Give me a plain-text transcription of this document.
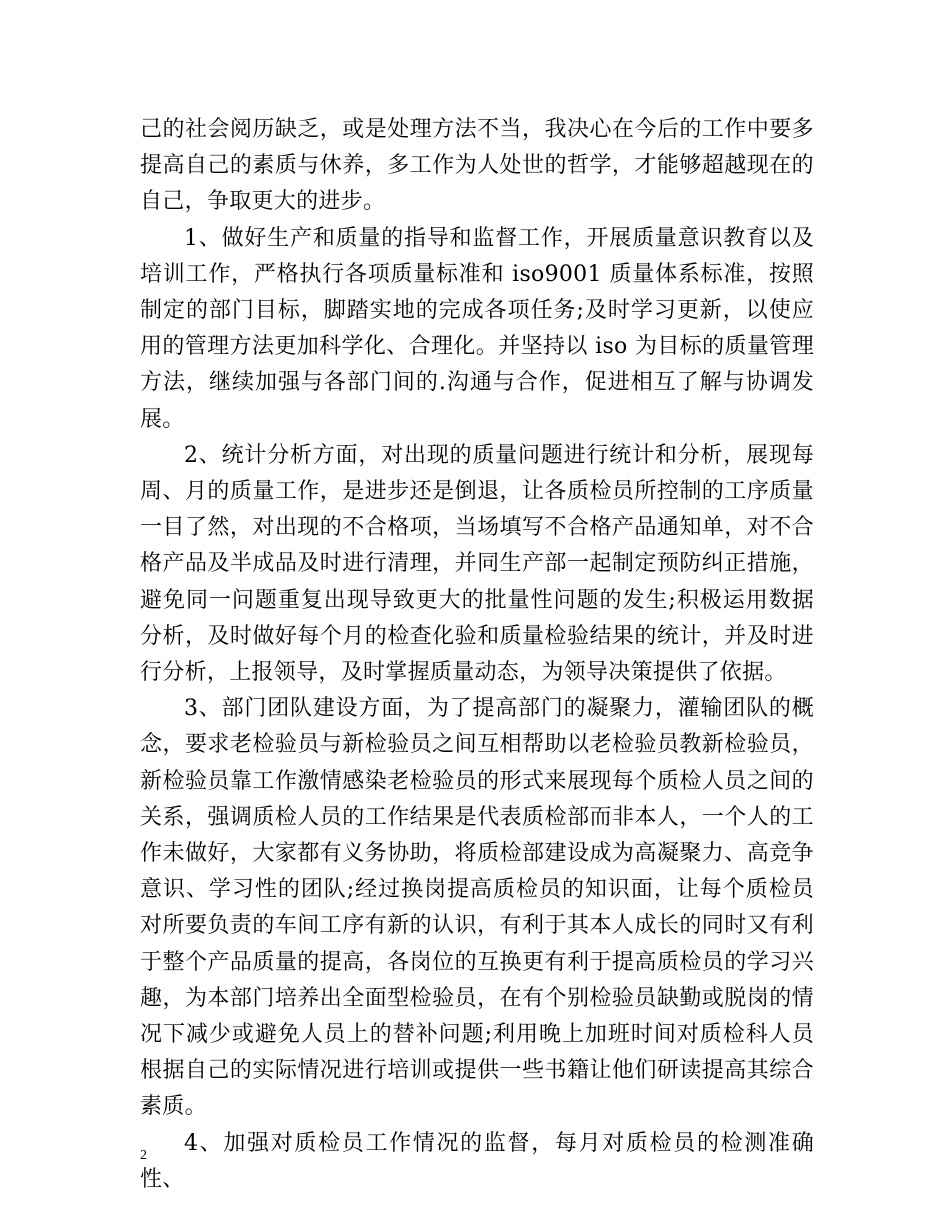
己的社会阅历缺乏，或是处理方法不当，我决心在今后的工作中要多提高自己的素质与休养，多工作为人处世的哲学，才能够超越现在的自己，争取更大的进步。

1、做好生产和质量的指导和监督工作，开展质量意识教育以及培训工作，严格执行各项质量标准和 iso9001 质量体系标准，按照制定的部门目标，脚踏实地的完成各项任务;及时学习更新，以使应用的管理方法更加科学化、合理化。并坚持以 iso 为目标的质量管理方法，继续加强与各部门间的.沟通与合作，促进相互了解与协调发展。

2、统计分析方面，对出现的质量问题进行统计和分析，展现每周、月的质量工作，是进步还是倒退，让各质检员所控制的工序质量一目了然，对出现的不合格项，当场填写不合格产品通知单，对不合格产品及半成品及时进行清理，并同生产部一起制定预防纠正措施，避免同一问题重复出现导致更大的批量性问题的发生;积极运用数据分析，及时做好每个月的检查化验和质量检验结果的统计，并及时进行分析，上报领导，及时掌握质量动态，为领导决策提供了依据。

3、部门团队建设方面，为了提高部门的凝聚力，灌输团队的概念，要求老检验员与新检验员之间互相帮助以老检验员教新检验员，新检验员靠工作激情感染老检验员的形式来展现每个质检人员之间的关系，强调质检人员的工作结果是代表质检部而非本人，一个人的工作未做好，大家都有义务协助，将质检部建设成为高凝聚力、高竞争意识、学习性的团队;经过换岗提高质检员的知识面，让每个质检员对所要负责的车间工序有新的认识，有利于其本人成长的同时又有利于整个产品质量的提高，各岗位的互换更有利于提高质检员的学习兴趣，为本部门培养出全面型检验员，在有个别检验员缺勤或脱岗的情况下减少或避免人员上的替补问题;利用晚上加班时间对质检科人员根据自己的实际情况进行培训或提供一些书籍让他们研读提高其综合素质。

4、加强对质检员工作情况的监督，每月对质检员的检测准确性、

2
